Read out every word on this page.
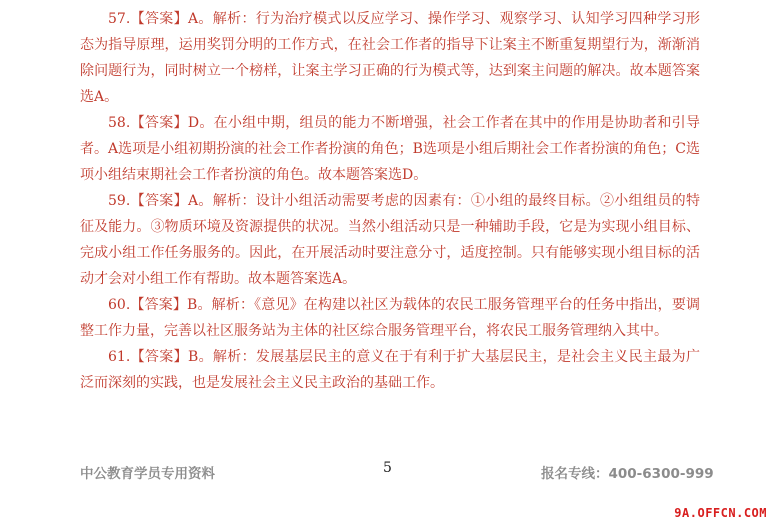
57.【答案】A。解析：行为治疗模式以反应学习、操作学习、观察学习、认知学习四种学习形态为指导原理，运用奖罚分明的工作方式，在社会工作者的指导下让案主不断重复期望行为，渐渐消除问题行为，同时树立一个榜样，让案主学习正确的行为模式等，达到案主问题的解决。故本题答案选A。

58.【答案】D。在小组中期，组员的能力不断增强，社会工作者在其中的作用是协助者和引导者。A选项是小组初期扮演的社会工作者扮演的角色；B选项是小组后期社会工作者扮演的角色；C选项小组结束期社会工作者扮演的角色。故本题答案选D。

59.【答案】A。解析：设计小组活动需要考虑的因素有：①小组的最终目标。②小组组员的特征及能力。③物质环境及资源提供的状况。当然小组活动只是一种辅助手段，它是为实现小组目标、完成小组工作任务服务的。因此，在开展活动时要注意分寸，适度控制。只有能够实现小组目标的活动才会对小组工作有帮助。故本题答案选A。

60.【答案】B。解析：《意见》在构建以社区为载体的农民工服务管理平台的任务中指出，要调整工作力量，完善以社区服务站为主体的社区综合服务管理平台，将农民工服务管理纳入其中。

61.【答案】B。解析：发展基层民主的意义在于有利于扩大基层民主，是社会主义民主最为广泛而深刻的实践，也是发展社会主义民主政治的基础工作。

中公教育学员专用资料	5	报名专线：400-6300-999
9A.OFFCN.COM
